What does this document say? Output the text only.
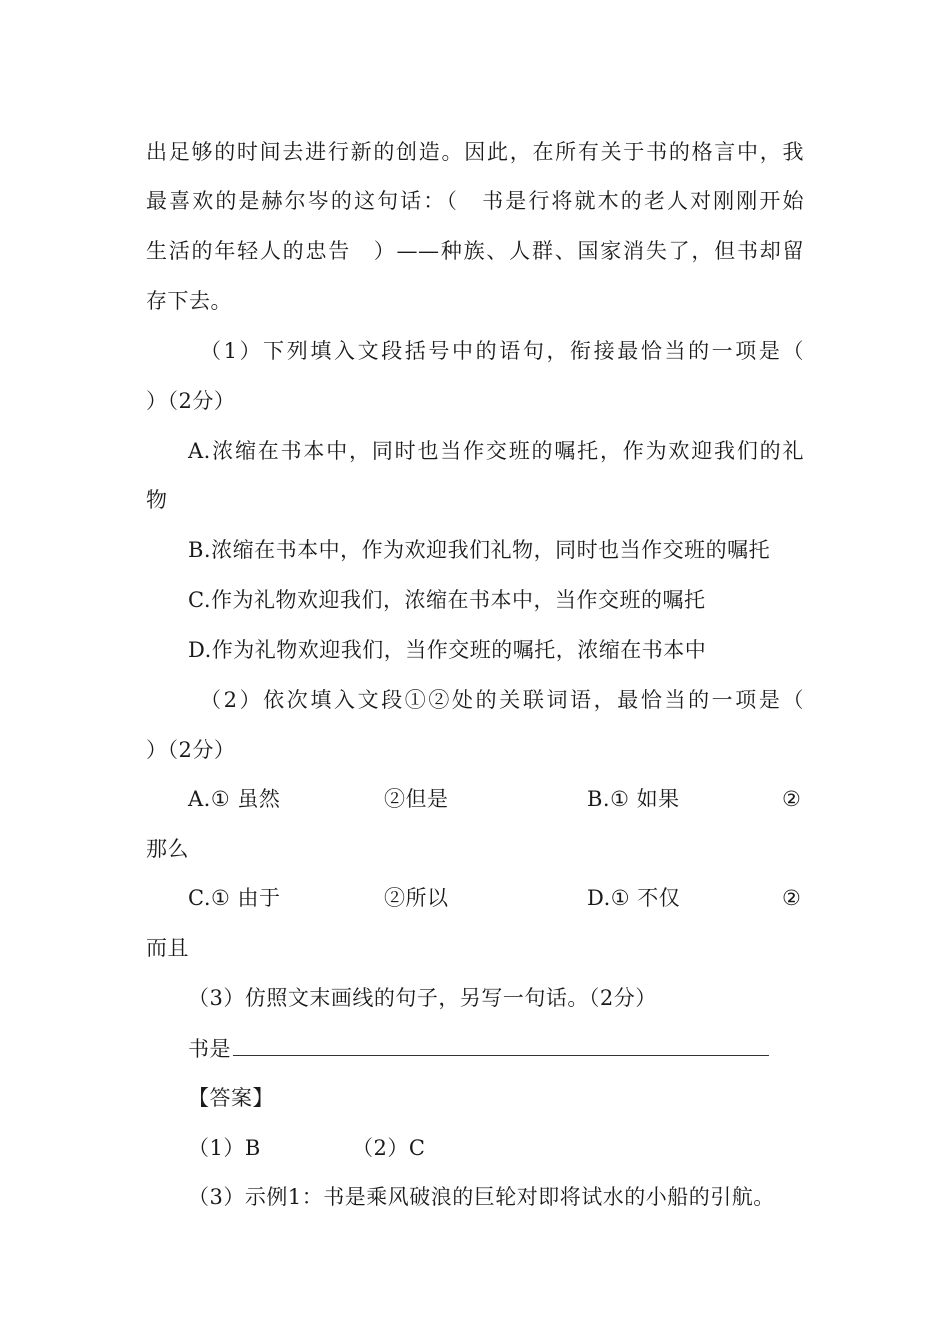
出足够的时间去进行新的创造。因此，在所有关于书的格言中，我
最喜欢的是赫尔岑的这句话：（　书是行将就木的老人对刚刚开始
生活的年轻人的忠告　）——种族、人群、国家消失了，但书却留
存下去。
（1）下列填入文段括号中的语句，衔接最恰当的一项是（
）（2分）
A.浓缩在书本中，同时也当作交班的嘱托，作为欢迎我们的礼
物
B.浓缩在书本中，作为欢迎我们礼物，同时也当作交班的嘱托
C.作为礼物欢迎我们，浓缩在书本中，当作交班的嘱托
D.作为礼物欢迎我们，当作交班的嘱托，浓缩在书本中
（2）依次填入文段①②处的关联词语，最恰当的一项是（
）（2分）
A.① 虽然	②但是	B.① 如果	②
那么
C.① 由于	②所以	D.① 不仅	②
而且
（3）仿照文末画线的句子，另写一句话。（2分）
书是
【答案】
（1）B	（2）C
（3）示例1：书是乘风破浪的巨轮对即将试水的小船的引航。
